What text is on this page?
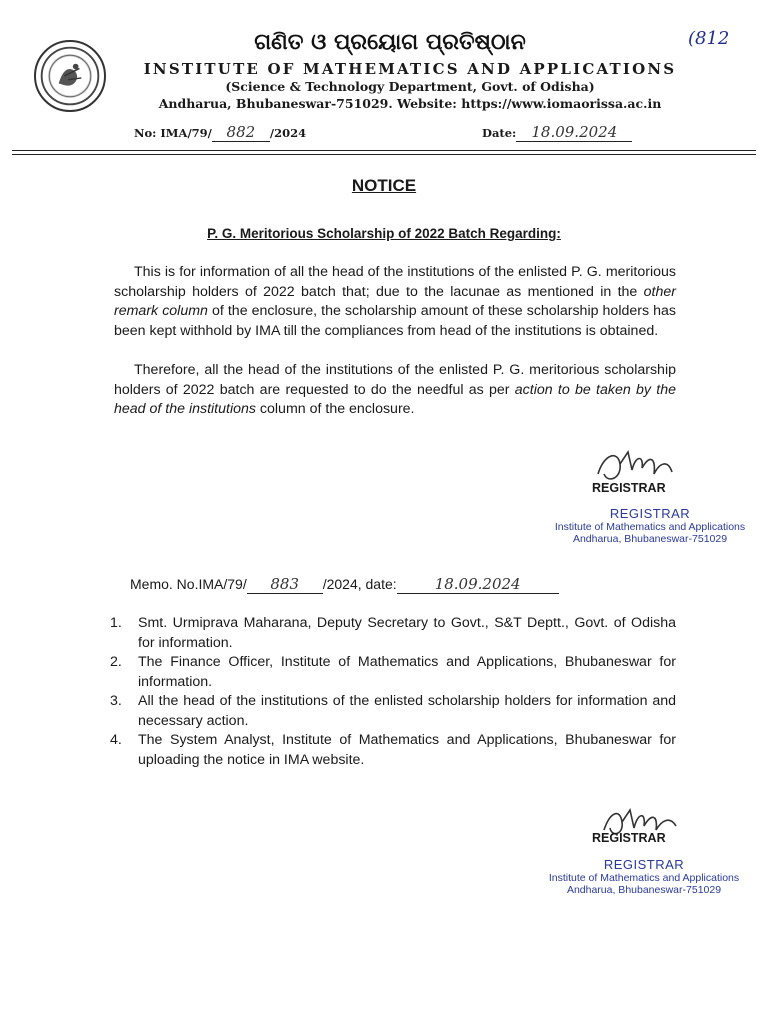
ଗଣିତ ଓ ପ୍ରୟୋଗ ପ୍ରତିଷ୍ଠାନ	(812
INSTITUTE OF MATHEMATICS AND APPLICATIONS
(Science & Technology Department, Govt. of Odisha)
Andharua, Bhubaneswar-751029. Website: https://www.iomaorissa.ac.in
No: IMA/79/ 882 /2024	Date: 18.09.2024
NOTICE
P. G. Meritorious Scholarship of 2022 Batch Regarding:

This is for information of all the head of the institutions of the enlisted P. G. meritorious scholarship holders of 2022 batch that; due to the lacunae as mentioned in the other remark column of the enclosure, the scholarship amount of these scholarship holders has been kept withhold by IMA till the compliances from head of the institutions is obtained.

Therefore, all the head of the institutions of the enlisted P. G. meritorious scholarship holders of 2022 batch are requested to do the needful as per action to be taken by the head of the institutions column of the enclosure.

REGISTRAR
REGISTRAR
Institute of Mathematics and Applications
Andharua, Bhubaneswar-751029
Memo. No.IMA/79/ 883 /2024, date:	18.09.2024
1.	Smt. Urmiprava Maharana, Deputy Secretary to Govt., S&T Deptt., Govt. of Odisha for information.
2.	The Finance Officer, Institute of Mathematics and Applications, Bhubaneswar for information.
3.	All the head of the institutions of the enlisted scholarship holders for information and necessary action.
4.	The System Analyst, Institute of Mathematics and Applications, Bhubaneswar for uploading the notice in IMA website.
REGISTRAR
REGISTRAR
Institute of Mathematics and Applications
Andharua, Bhubaneswar-751029
